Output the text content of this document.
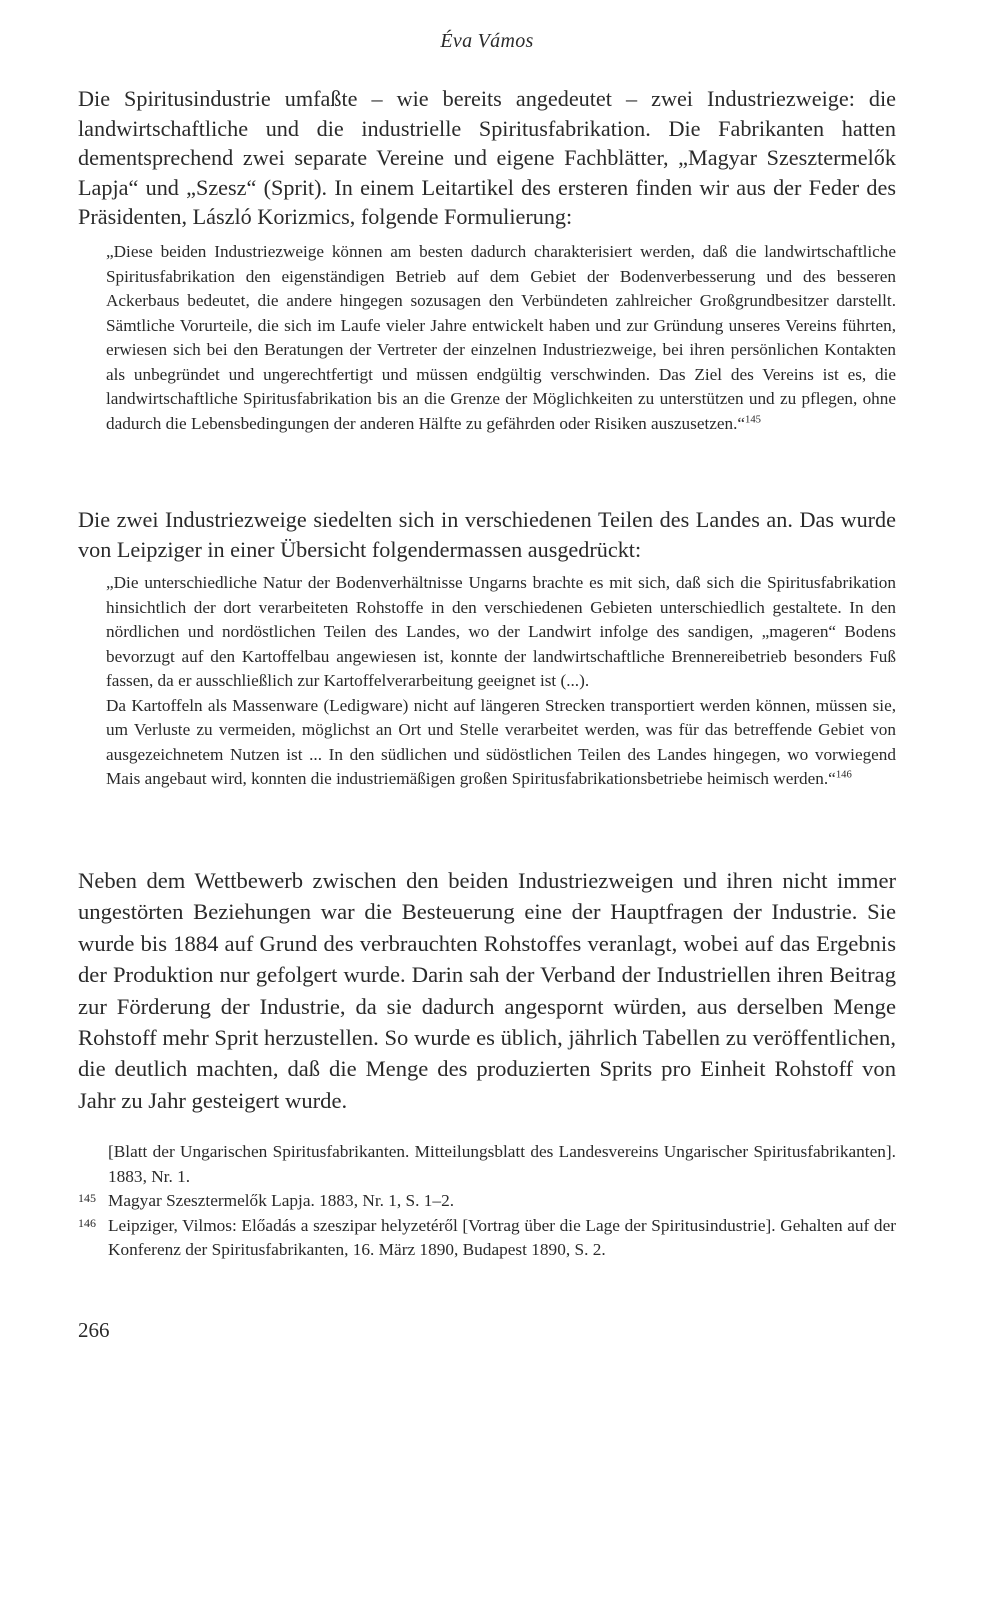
Éva Vámos

Die Spiritusindustrie umfaßte – wie bereits angedeutet – zwei Industriezweige: die landwirtschaftliche und die industrielle Spiritusfabrikation. Die Fabrikanten hatten dementsprechend zwei separate Vereine und eigene Fachblätter, „Magyar Szesztermelők Lapja“ und „Szesz“ (Sprit). In einem Leitartikel des ersteren finden wir aus der Feder des Präsidenten, László Korizmics, folgende Formulierung:

„Diese beiden Industriezweige können am besten dadurch charakterisiert werden, daß die landwirtschaftliche Spiritusfabrikation den eigenständigen Betrieb auf dem Gebiet der Bodenverbesserung und des besseren Ackerbaus bedeutet, die andere hingegen sozusagen den Verbündeten zahlreicher Großgrundbesitzer darstellt. Sämtliche Vorurteile, die sich im Laufe vieler Jahre entwickelt haben und zur Gründung unseres Vereins führten, erwiesen sich bei den Beratungen der Vertreter der einzelnen Industriezweige, bei ihren persönlichen Kontakten als unbegründet und ungerechtfertigt und müssen endgültig verschwinden. Das Ziel des Vereins ist es, die landwirtschaftliche Spiritusfabrikation bis an die Grenze der Möglichkeiten zu unterstützen und zu pflegen, ohne dadurch die Lebensbedingungen der anderen Hälfte zu gefährden oder Risiken auszusetzen.“$^{145}$

Die zwei Industriezweige siedelten sich in verschiedenen Teilen des Landes an. Das wurde von Leipziger in einer Übersicht folgendermassen ausgedrückt:

„Die unterschiedliche Natur der Bodenverhältnisse Ungarns brachte es mit sich, daß sich die Spiritusfabrikation hinsichtlich der dort verarbeiteten Rohstoffe in den verschiedenen Gebieten unterschiedlich gestaltete. In den nördlichen und nordöstlichen Teilen des Landes, wo der Landwirt infolge des sandigen, „mageren“ Bodens bevorzugt auf den Kartoffelbau angewiesen ist, konnte der landwirtschaftliche Brennereibetrieb besonders Fuß fassen, da er ausschließlich zur Kartoffelverarbeitung geeignet ist (...).

Da Kartoffeln als Massenware (Ledigware) nicht auf längeren Strecken transportiert werden können, müssen sie, um Verluste zu vermeiden, möglichst an Ort und Stelle verarbeitet werden, was für das betreffende Gebiet von ausgezeichnetem Nutzen ist ... In den südlichen und südöstlichen Teilen des Landes hingegen, wo vorwiegend Mais angebaut wird, konnten die industriemäßigen großen Spiritusfabrikationsbetriebe heimisch werden.“$^{146}$

Neben dem Wettbewerb zwischen den beiden Industriezweigen und ihren nicht immer ungestörten Beziehungen war die Besteuerung eine der Hauptfragen der Industrie. Sie wurde bis 1884 auf Grund des verbrauchten Rohstoffes veranlagt, wobei auf das Ergebnis der Produktion nur gefolgert wurde. Darin sah der Verband der Industriellen ihren Beitrag zur Förderung der Industrie, da sie dadurch angespornt würden, aus derselben Menge Rohstoff mehr Sprit herzustellen. So wurde es üblich, jährlich Tabellen zu veröffentlichen, die deutlich machten, daß die Menge des produzierten Sprits pro Einheit Rohstoff von Jahr zu Jahr gesteigert wurde.

[Blatt der Ungarischen Spiritusfabrikanten. Mitteilungsblatt des Landesvereins Ungarischer Spiritusfabrikanten]. 1883, Nr. 1.

145 Magyar Szesztermelők Lapja. 1883, Nr. 1, S. 1–2.

146 Leipziger, Vilmos: Előadás a szeszipar helyzetéről [Vortrag über die Lage der Spiritusindustrie]. Gehalten auf der Konferenz der Spiritusfabrikanten, 16. März 1890, Budapest 1890, S. 2.

266
